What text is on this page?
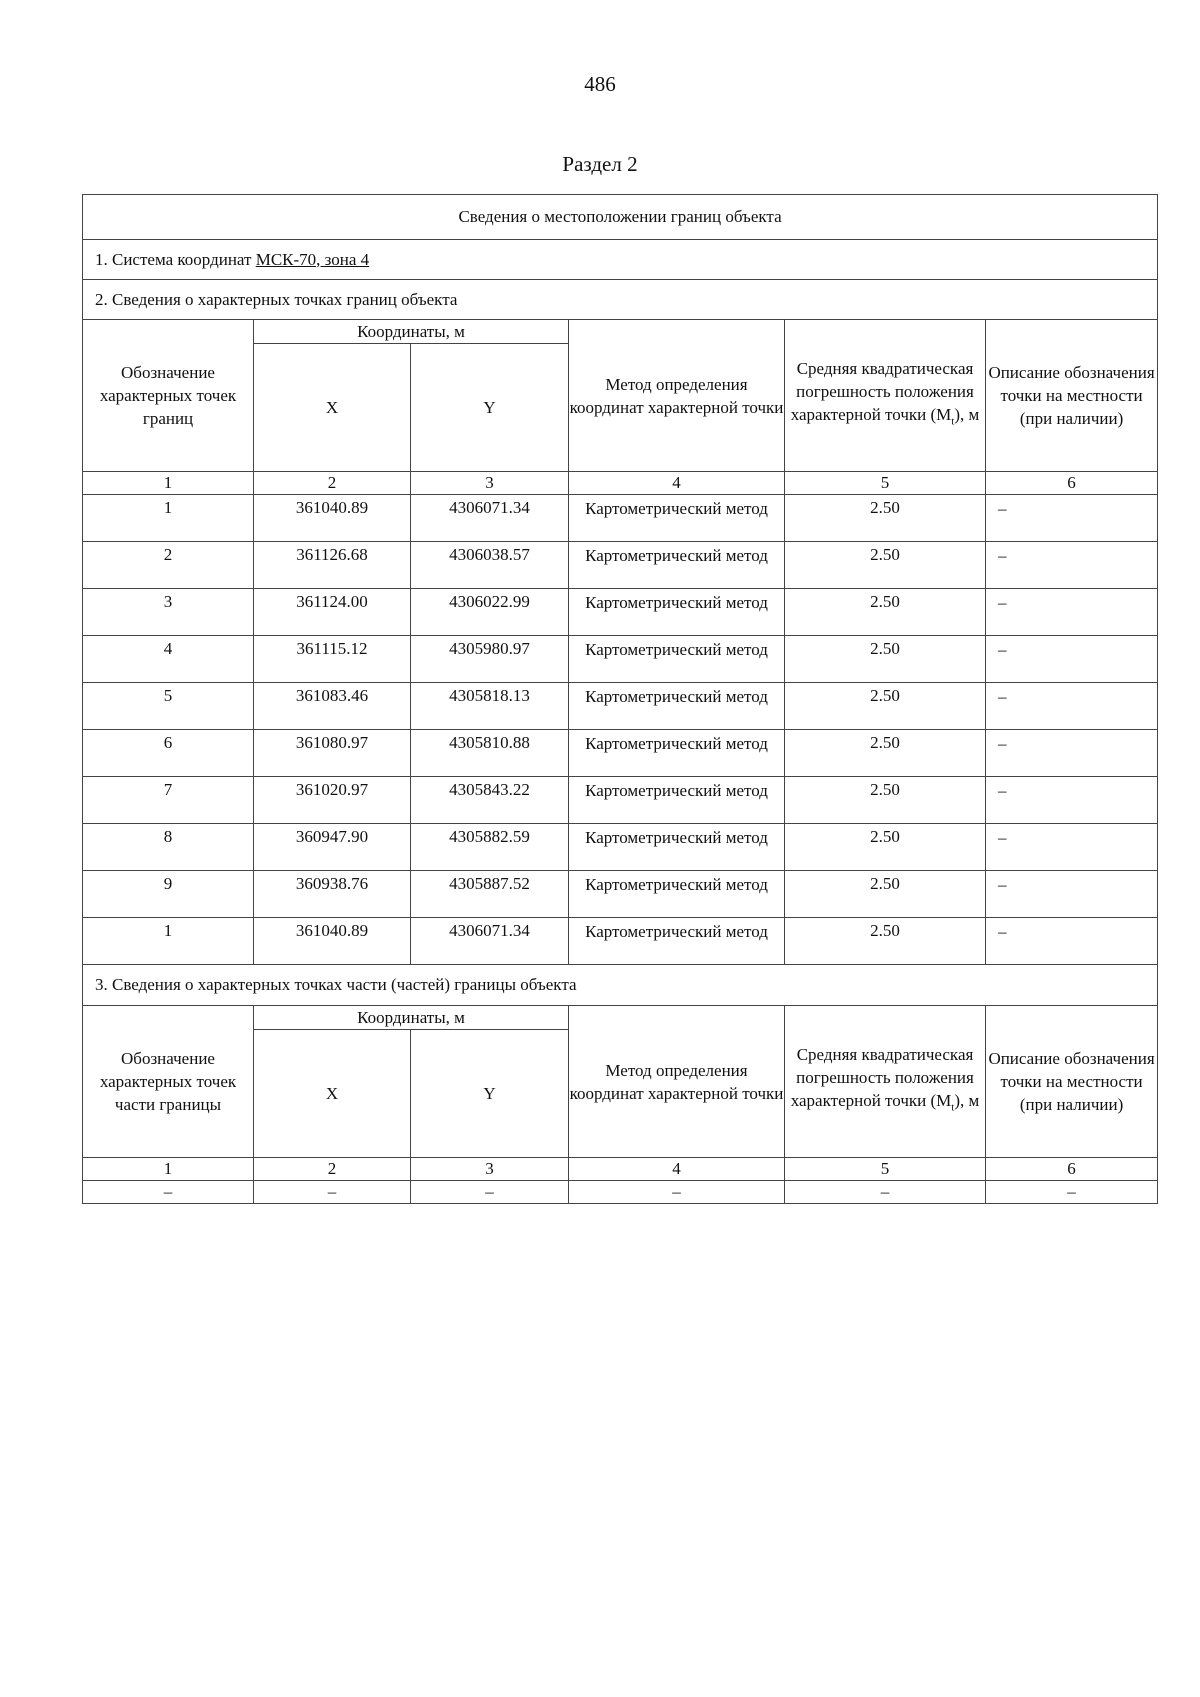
486
Раздел 2
Сведения о местоположении границ объекта					
1. Система координат МСК-70, зона 4					
2. Сведения о характерных точках границ объекта					
Обозначение характерных точек границ	Координаты, м		Метод определения координат характерной точки	Средняя квадратическая погрешность положения характерной точки $(M_t)$, м	Описание обозначения точки на местности (при наличии)
	X	Y			
1	2	3	4	5	6
1	361040.89	4306071.34	Картометрический метод	2.50	–
2	361126.68	4306038.57	Картометрический метод	2.50	–
3	361124.00	4306022.99	Картометрический метод	2.50	–
4	361115.12	4305980.97	Картометрический метод	2.50	–
5	361083.46	4305818.13	Картометрический метод	2.50	–
6	361080.97	4305810.88	Картометрический метод	2.50	–
7	361020.97	4305843.22	Картометрический метод	2.50	–
8	360947.90	4305882.59	Картометрический метод	2.50	–
9	360938.76	4305887.52	Картометрический метод	2.50	–
1	361040.89	4306071.34	Картометрический метод	2.50	–
3. Сведения о характерных точках части (частей) границы объекта					
Обозначение характерных точек части границы	Координаты, м		Метод определения координат характерной точки	Средняя квадратическая погрешность положения характерной точки $(M_t)$, м	Описание обозначения точки на местности (при наличии)
	X	Y			
1	2	3	4	5	6
–	–	–	–	–	–
